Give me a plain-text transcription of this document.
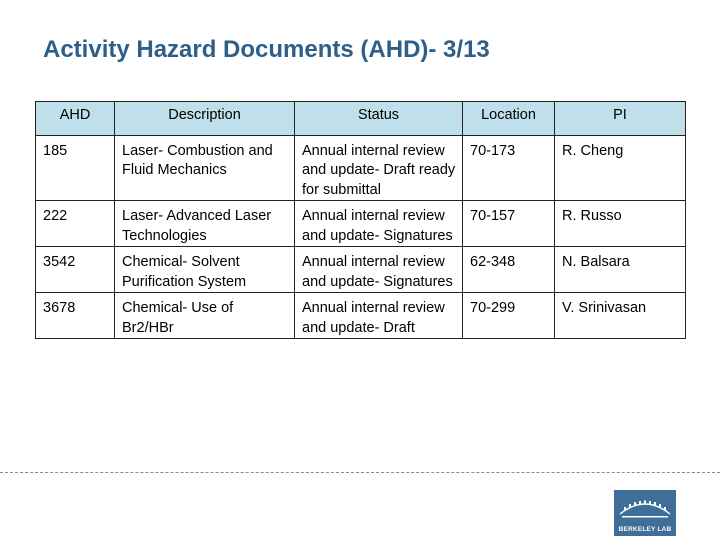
Activity Hazard Documents (AHD)- 3/13
AHD	Description	Status	Location	PI
185	Laser- Combustion and Fluid Mechanics	Annual internal review and update- Draft ready for submittal	70-173	R. Cheng
222	Laser- Advanced Laser Technologies	Annual internal review and update- Signatures	70-157	R. Russo
3542	Chemical- Solvent Purification System	Annual internal review and update- Signatures	62-348	N. Balsara
3678	Chemical- Use of Br2/HBr	Annual internal review and update- Draft	70-299	V. Srinivasan
BERKELEY LAB
